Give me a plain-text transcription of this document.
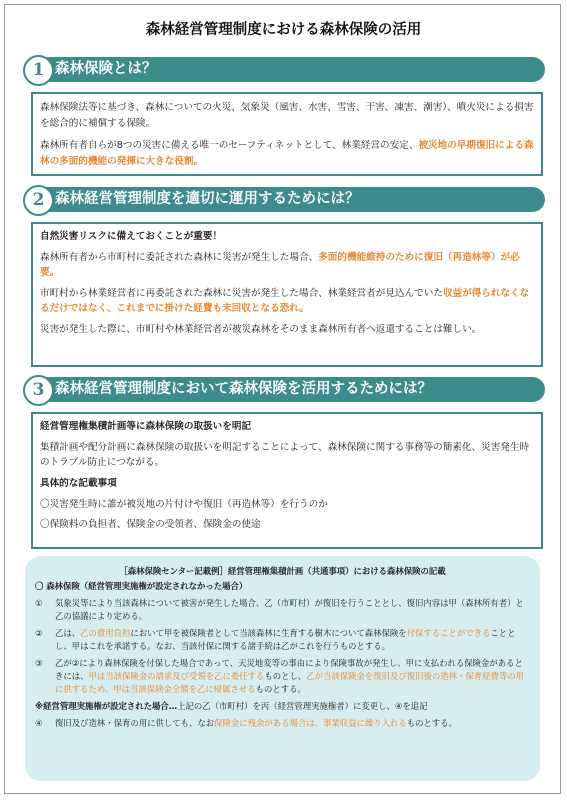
森林経営管理制度における森林保険の活用
1 森林保険とは？

森林保険法等に基づき、森林についての火災、気象災（風害、水害、雪害、干害、凍害、潮害）、噴火災による損害を総合的に補償する保険。

森林所有者自らが8つの災害に備える唯一のセーフティネットとして、林業経営の安定、被災地の早期復旧による森林の多面的機能の発揮に大きな役割。

2 森林経営管理制度を適切に運用するためには？
自然災害リスクに備えておくことが重要！

森林所有者から市町村に委託された森林に災害が発生した場合、多面的機能維持のために復旧（再造林等）が必要。

市町村から林業経営者に再委託された森林に災害が発生した場合、林業経営者が見込んでいた収益が得られなくなるだけではなく、これまでに掛けた経費も未回収となる恐れ。

災害が発生した際に、市町村や林業経営者が被災森林をそのまま森林所有者へ返還することは難しい。

3 森林経営管理制度において森林保険を活用するためには？
経営管理権集積計画等に森林保険の取扱いを明記

集積計画や配分計画に森林保険の取扱いを明記することによって、森林保険に関する事務等の簡素化、災害発生時のトラブル防止につながる。

具体的な記載事項
〇災害発生時に誰が被災地の片付けや復旧（再造林等）を行うのか
〇保険料の負担者、保険金の受領者、保険金の使途
［森林保険センター記載例］経営管理権集積計画（共通事項）における森林保険の記載
〇 森林保険（経営管理実施権が設定されなかった場合）
①	気象災等により当該森林について被害が発生した場合、乙（市町村）が復旧を行うこととし、復旧内容は甲（森林所有者）と乙の協議により定める。
②	乙は、乙の費用負担において甲を被保険者として当該森林に生育する樹木について森林保険を付保することができることとし、甲はこれを承諾する。なお、当該付保に関する諸手続は乙がこれを行うものとする。
③	乙が②により森林保険を付保した場合であって、天災地変等の事由により保険事故が発生し、甲に支払われる保険金があるときには、甲は当該保険金の請求及び受領を乙に委任するものとし、乙が当該保険金を復旧及び復旧後の造林・保育経費等の用に供するため、甲は当該保険金全額を乙に帰属させるものとする。
※経営管理実施権が設定された場合…上記の乙（市町村）を丙（経営管理実施権者）に変更し、④を追記
④	復旧及び造林・保育の用に供しても、なお保険金に残余がある場合は、事業収益に繰り入れるものとする。
